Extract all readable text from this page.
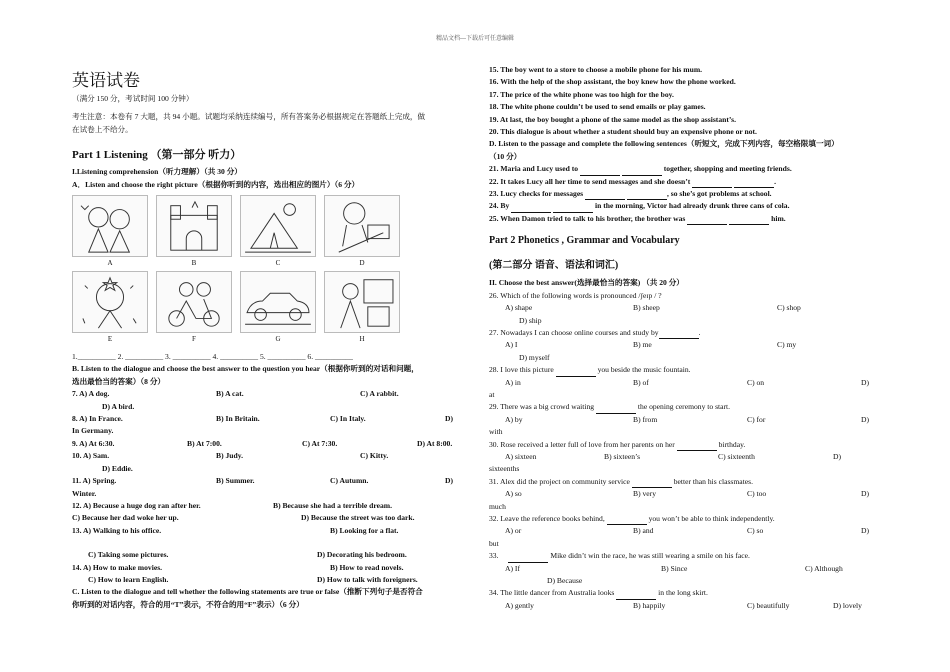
精品文档---下载后可任意编辑
英语试卷
（满分 150 分，考试时间 100 分钟）
考生注意：本卷有 7 大题，共 94 小题。试题均采纳连续编号，所有答案务必根据规定在答题纸上完成，做
在试卷上不给分。
Part 1 Listening （第一部分 听力）
I.Listening comprehension（听力理解）（共 30 分）
A．Listen and choose the right picture（根据你听到的内容，选出相应的图片）（6 分）
A	B	C	D
E	F	G	H
1.__________ 2. __________ 3. __________ 4. __________ 5. __________ 6. __________
B. Listen to the dialogue and choose the best answer to the question you hear（根据你听到的对话和问题，
选出最恰当的答案）（8 分）
7. A) A dog.	B) A cat.	C) A rabbit.
D) A bird.
8. A) In France.	B) In Britain.	C) In Italy.	D)
In Germany.
9. A) At 6:30.	B) At 7:00.	C) At 7:30.	D) At 8:00.
10. A) Sam.	B) Judy.	C) Kitty.
D) Eddie.
11. A) Spring.	B) Summer.	C) Autumn.	D)
Winter.
12. A) Because a huge dog ran after her.	B) Because she had a terrible dream.
C) Because her dad woke her up.	D) Because the street was too dark.
13. A) Walking to his office.	B) Looking for a flat.
C) Taking some pictures.	D) Decorating his bedroom.
14. A) How to make movies.	B) How to read novels.
C) How to learn English.	D) How to talk with foreigners.
C. Listen to the dialogue and tell whether the following statements are true or false（推断下列句子是否符合
你听到的对话内容，符合的用“T”表示，不符合的用“F”表示）（6 分）
15. The boy went to a store to choose a mobile phone for his mum.
16. With the help of the shop assistant, the boy knew how the phone worked.
17. The price of the white phone was too high for the boy.
18. The white phone couldn’t be used to send emails or play games.
19. At last, the boy bought a phone of the same model as the shop assistant’s.
20. This dialogue is about whether a student should buy an expensive phone or not.
D. Listen to the passage and complete the following sentences（听短文，完成下列内容，每空格限填一词）
（10 分）
21. Maria and Lucy used to	together, shopping and meeting friends.
22. It takes Lucy all her time to send messages and she doesn’t	.
23. Lucy checks for messages	, so she’s got problems at school.
24. By	in the morning, Victor had already drunk three cans of cola.
25. When Damon tried to talk to his brother, the brother was	him.
Part 2 Phonetics , Grammar and Vocabulary
(第二部分 语音、语法和词汇)
II. Choose the best answer(选择最恰当的答案) （共 20 分）
26. Which of the following words is pronounced /ʃeɪp / ?
A) shape	B) sheep	C) shop
D) ship
27. Nowadays I can choose online courses and study by	.
A) I	B) me	C) my
D) myself
28. I love this picture	you beside the music fountain.
A) in	B) of	C) on	D)
at
29. There was a big crowd waiting	the opening ceremony to start.
A) by	B) from	C) for	D)
with
30. Rose received a letter full of love from her parents on her	birthday.
A) sixteen	B) sixteen’s	C) sixteenth	D)
sixteenths
31. Alex did the project on community service	better than his classmates.
A) so	B) very	C) too	D)
much
32. Leave the reference books behind,	you won’t be able to think independently.
A) or	B) and	C) so	D)
but
33.	Mike didn’t win the race, he was still wearing a smile on his face.
A) If	B) Since	C) Although
D) Because
34. The little dancer from Australia looks	in the long skirt.
A) gently	B) happily	C) beautifully	D) lovely
